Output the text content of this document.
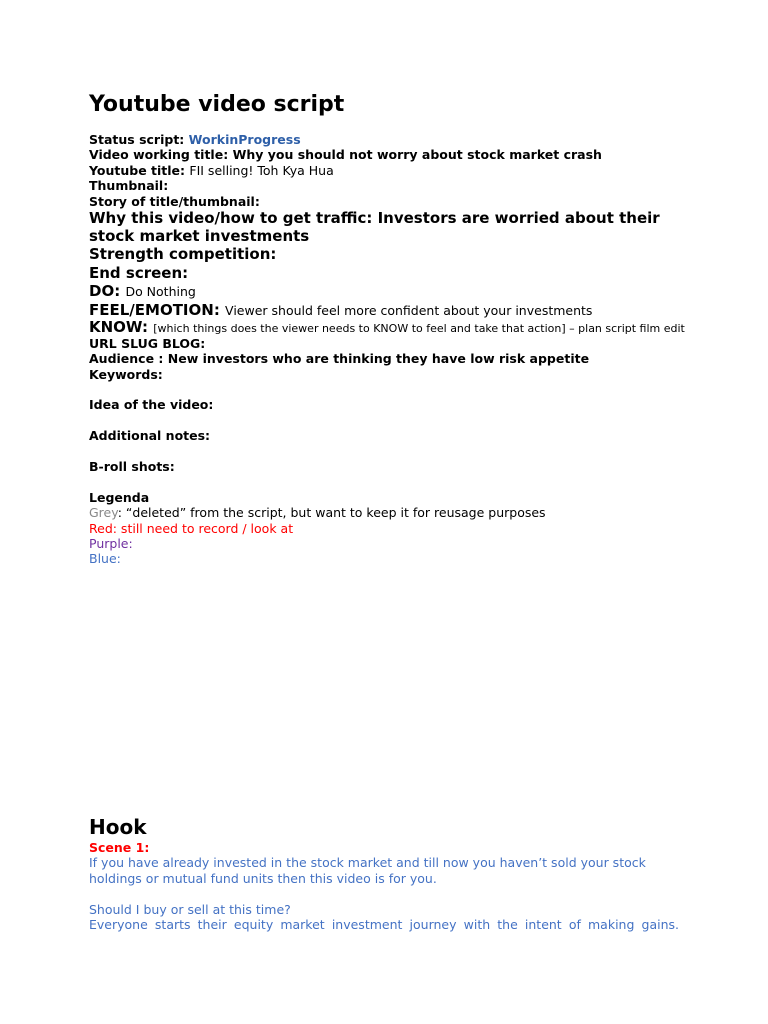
Youtube video script

Status script: WorkinProgress

Video working title: Why you should not worry about stock market crash

Youtube title: FII selling! Toh Kya Hua

Thumbnail:

Story of title/thumbnail:

Why this video/how to get traffic: Investors are worried about their stock market investments

Strength competition:

End screen:

DO: Do Nothing

FEEL/EMOTION: Viewer should feel more confident about your investments

KNOW: [which things does the viewer needs to KNOW to feel and take that action] – plan script film edit

URL SLUG BLOG:

Audience : New investors who are thinking they have low risk appetite

Keywords:

Idea of the video:

Additional notes:

B-roll shots:

Legenda

Grey: “deleted” from the script, but want to keep it for reusage purposes

Red: still need to record / look at

Purple:

Blue:

Hook

Scene 1:

If you have already invested in the stock market and till now you haven’t sold your stock holdings or mutual fund units then this video is for you.

Should I buy or sell at this time?

Everyone starts their equity market investment journey with the intent of making gains.
